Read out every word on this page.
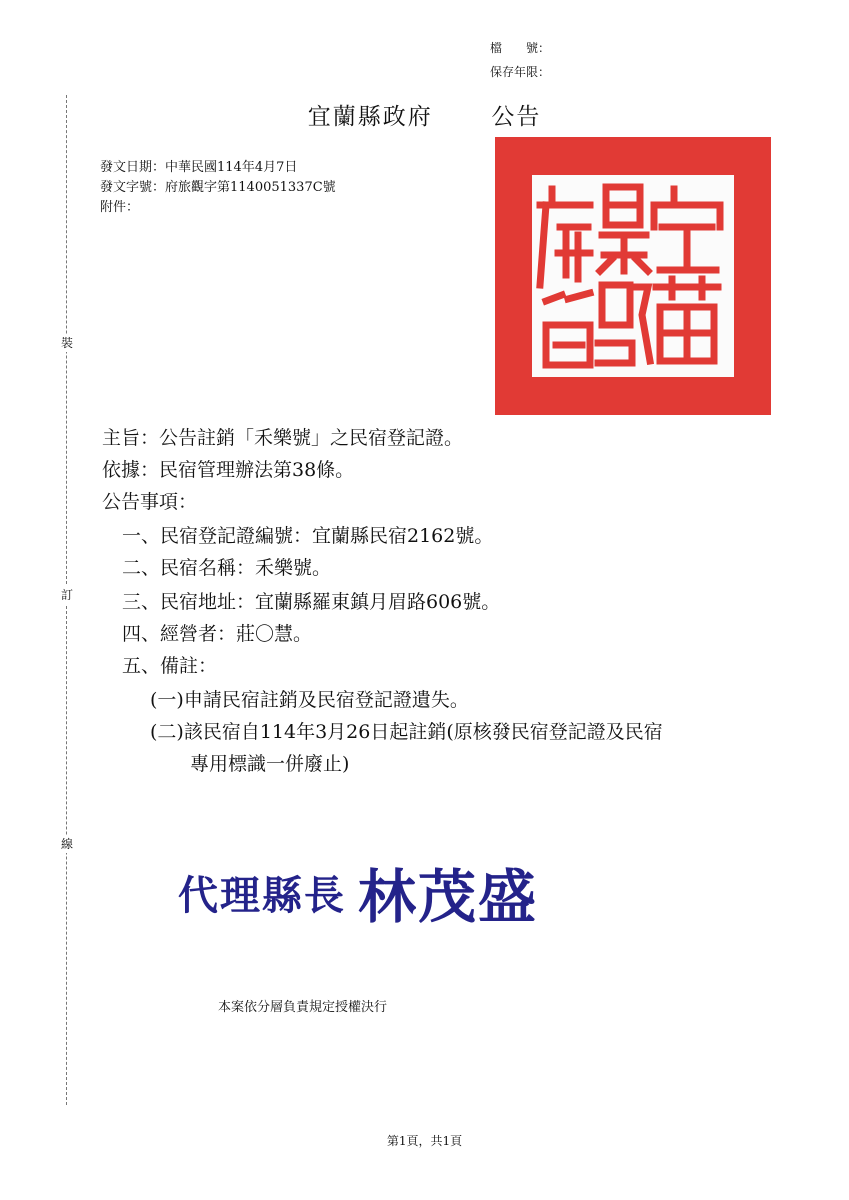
檔　　號：
保存年限：
裝
訂
線
宜蘭縣政府	公告
發文日期：中華民國114年4月7日
發文字號：府旅觀字第1140051337C號
附件：
主旨：公告註銷「禾樂號」之民宿登記證。
依據：民宿管理辦法第38條。
公告事項：
一、民宿登記證編號：宜蘭縣民宿2162號。
二、民宿名稱：禾樂號。
三、民宿地址：宜蘭縣羅東鎮月眉路606號。
四、經營者：莊〇慧。
五、備註：
(一)申請民宿註銷及民宿登記證遺失。
(二)該民宿自114年3月26日起註銷(原核發民宿登記證及民宿
專用標識一併廢止)
代理縣長 林茂盛
本案依分層負責規定授權決行
第1頁，共1頁
